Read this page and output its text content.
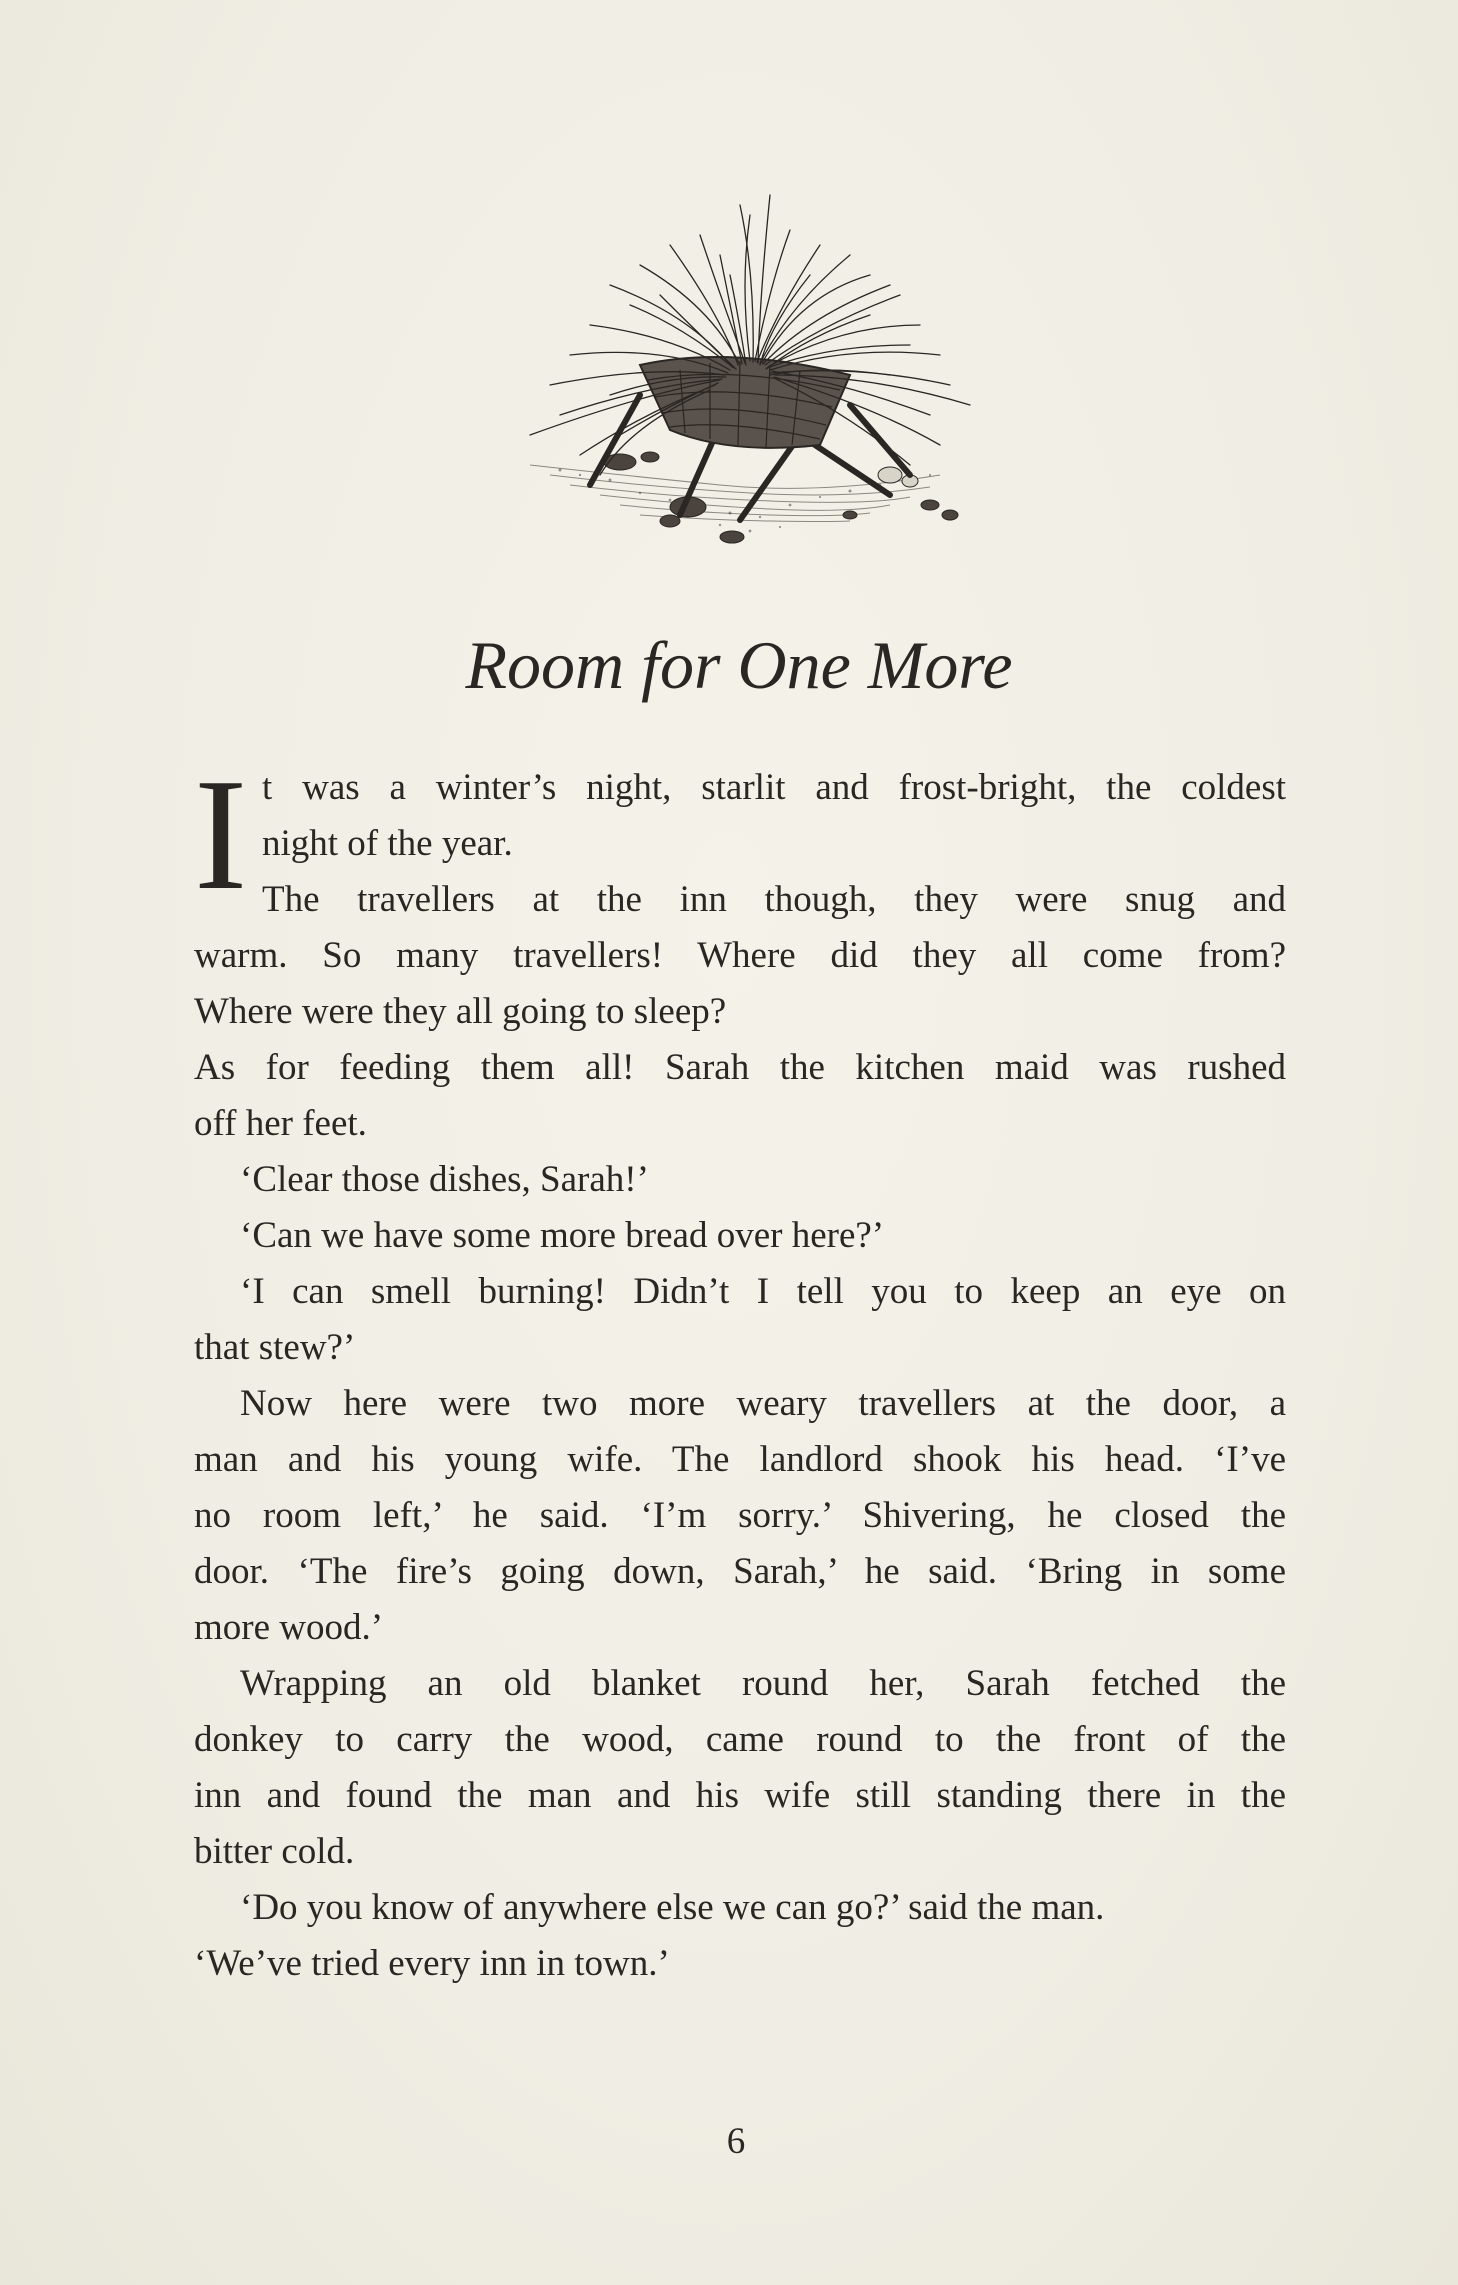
Room for One More
I t was a winter’s night, starlit and frost-bright, the coldest
night of the year.
The travellers at the inn though, they were snug and
warm. So many travellers! Where did they all come from?
Where were they all going to sleep?
As for feeding them all! Sarah the kitchen maid was rushed
off her feet.
‘Clear those dishes, Sarah!’
‘Can we have some more bread over here?’
‘I can smell burning! Didn’t I tell you to keep an eye on
that stew?’
Now here were two more weary travellers at the door, a
man and his young wife. The landlord shook his head. ‘I’ve
no room left,’ he said. ‘I’m sorry.’ Shivering, he closed the
door. ‘The fire’s going down, Sarah,’ he said. ‘Bring in some
more wood.’
Wrapping an old blanket round her, Sarah fetched the
donkey to carry the wood, came round to the front of the
inn and found the man and his wife still standing there in the
bitter cold.
‘Do you know of anywhere else we can go?’ said the man.
‘We’ve tried every inn in town.’
6
